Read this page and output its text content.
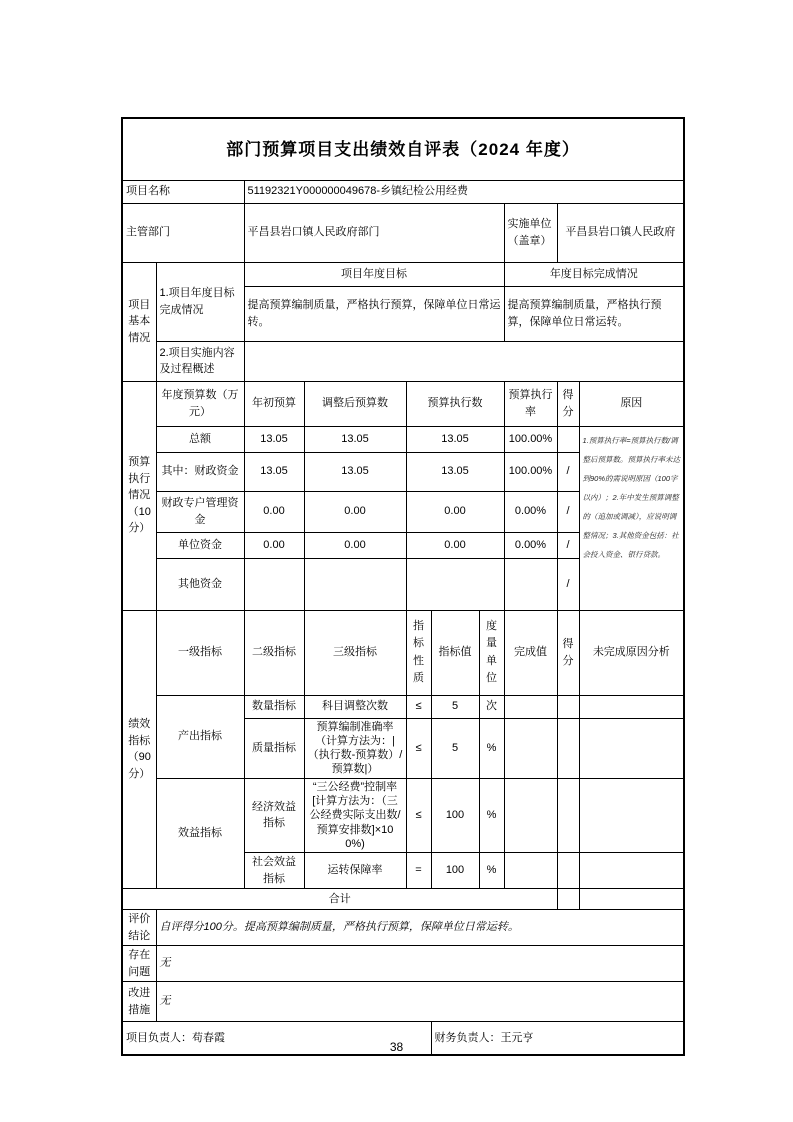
部门预算项目支出绩效自评表（2024 年度）									
项目名称		51192321Y000000049678-乡镇纪检公用经费							
主管部门		平昌县岩口镇人民政府部门					实施单位（盖章）	平昌县岩口镇人民政府	
项目基本情况	1.项目年度目标完成情况	项目年度目标					年度目标完成情况		
		提高预算编制质量，严格执行预算，保障单位日常运转。					提高预算编制质量，严格执行预算，保障单位日常运转。		
	2.项目实施内容及过程概述								
预算执行情况（10分）	年度预算数（万元）	年初预算	调整后预算数	预算执行数			预算执行率	得分	原因
	总额	13.05	13.05	13.05			100.00%		1.预算执行率=预算执行数/调整后预算数。预算执行率未达到90%的需说明原因（100字以内）；2.年中发生预算调整的（追加或调减），应说明调整情况；3.其他资金包括：社会投入资金、银行贷款。
	其中：财政资金	13.05	13.05	13.05			100.00%	/	
	财政专户管理资金	0.00	0.00	0.00			0.00%	/	
	单位资金	0.00	0.00	0.00			0.00%	/	
	其他资金							/	
绩效指标（90分）	一级指标	二级指标	三级指标	指标性质	指标值	度量单位	完成值	得分	未完成原因分析
	产出指标	数量指标	科目调整次数	≤	5	次			
		质量指标	预算编制准确率（计算方法为：|（执行数-预算数）/预算数|）	≤	5	%			
	效益指标	经济效益指标	“三公经费”控制率[计算方法为：（三公经费实际支出数/预算安排数]×100%)	≤	100	%			
		社会效益指标	运转保障率	=	100	%			
合计									
评价结论	自评得分100分。提高预算编制质量，严格执行预算，保障单位日常运转。								
存在问题	无								
改进措施	无								
项目负责人：苟春霞					财务负责人：王元亨				
38
